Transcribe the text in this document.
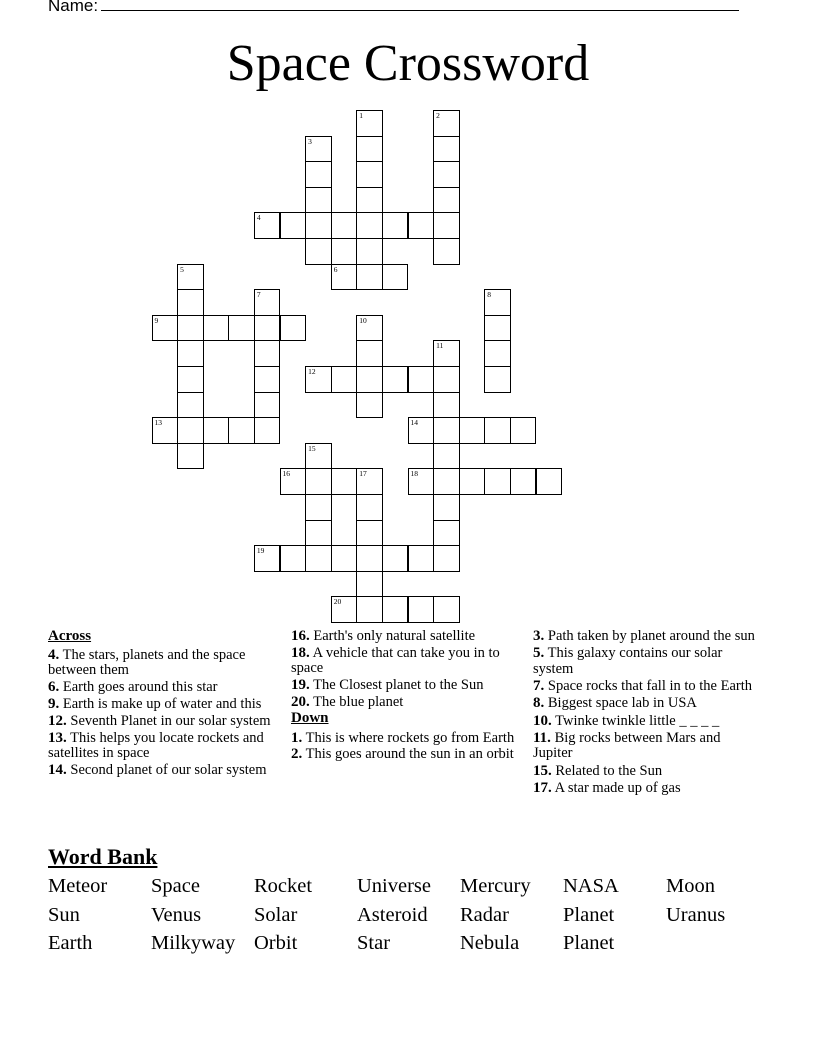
Name:
Space Crossword
1	2
3
4
6
5
7	8
9	10
11
12
13	14
15
16	17	18
19
20
Across
4. The stars, planets and the space between them
6. Earth goes around this star
9. Earth is make up of water and this
12. Seventh Planet in our solar system
13. This helps you locate rockets and satellites in space
14. Second planet of our solar system
16. Earth's only natural satellite
18. A vehicle that can take you in to space
19. The Closest planet to the Sun
20. The blue planet
Down
1. This is where rockets go from Earth
2. This goes around the sun in an orbit
3. Path taken by planet around the sun
5. This galaxy contains our solar system
7. Space rocks that fall in to the Earth
8. Biggest space lab in USA
10. Twinke twinkle little _ _ _ _
11. Big rocks between Mars and Jupiter
15. Related to the Sun
17. A star made up of gas
Word Bank
Meteor Space	Rocket Universe Mercury NASA Moon
Sun	Venus	Solar	Asteroid Radar	Planet	Uranus
Earth	Milkyway Orbit	Star	Nebula Planet
